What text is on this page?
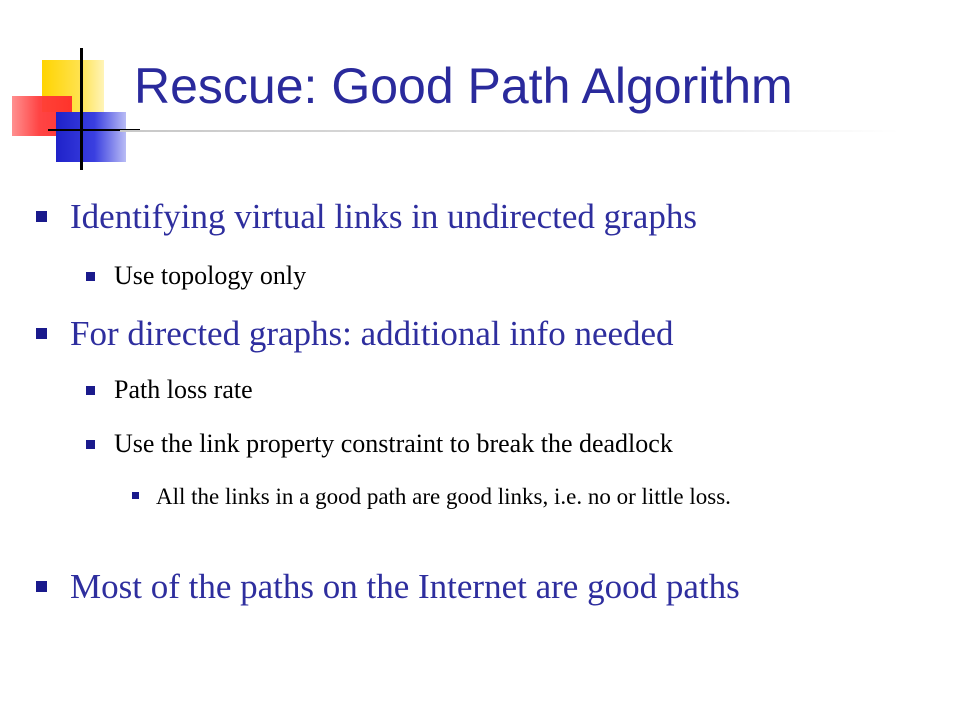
Rescue: Good Path Algorithm
Identifying virtual links in undirected graphs
Use topology only
For directed graphs: additional info needed
Path loss rate
Use the link property constraint to break the deadlock
All the links in a good path are good links, i.e. no or little loss.
Most of the paths on the Internet are good paths
